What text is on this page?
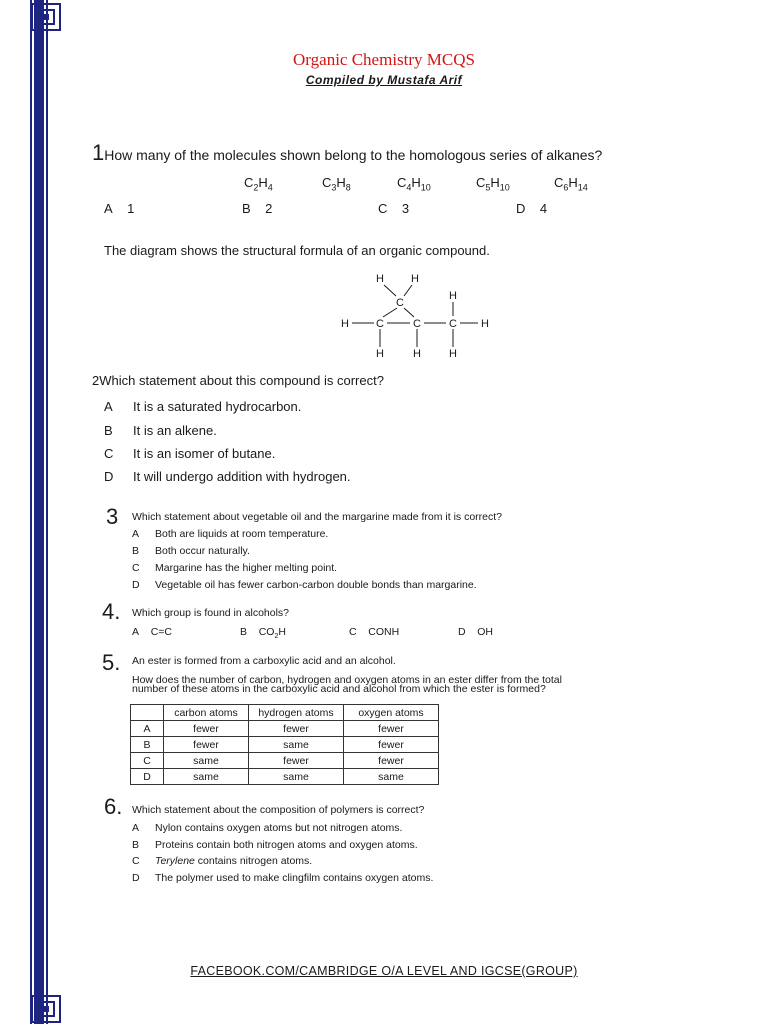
Organic Chemistry MCQS
Compiled by Mustafa Arif
1How many of the molecules shown belong to the homologous series of alkanes?
$C_2H_4$	$C_3H_8$	$C_4H_{10}$	$C_5H_{10}$	$C_6H_{14}$
A 1	B 2	C 3	D 4
The diagram shows the structural formula of an organic compound.
H H
C
H
H C	C	C H
H	H	H
2Which statement about this compound is correct?
A It is a saturated hydrocarbon.
B It is an alkene.
C It is an isomer of butane.
D It will undergo addition with hydrogen.
3 Which statement about vegetable oil and the margarine made from it is correct?
A Both are liquids at room temperature.
B Both occur naturally.
C Margarine has the higher melting point.
D Vegetable oil has fewer carbon-carbon double bonds than margarine.
4. Which group is found in alcohols?
A C=C	B $CO_2H$	C CONH	D OH
5. An ester is formed from a carboxylic acid and an alcohol.
How does the number of carbon, hydrogen and oxygen atoms in an ester differ from the total
number of these atoms in the carboxylic acid and alcohol from which the ester is formed?
	carbon atoms	hydrogen atoms	oxygen atoms
A	fewer	fewer	fewer
B	fewer	same	fewer
C	same	fewer	fewer
D	same	same	same
6. Which statement about the composition of polymers is correct?
A Nylon contains oxygen atoms but not nitrogen atoms.
B Proteins contain both nitrogen atoms and oxygen atoms.
C Terylene contains nitrogen atoms.
D The polymer used to make clingfilm contains oxygen atoms.
FACEBOOK.COM/CAMBRIDGE O/A LEVEL AND IGCSE(GROUP)
